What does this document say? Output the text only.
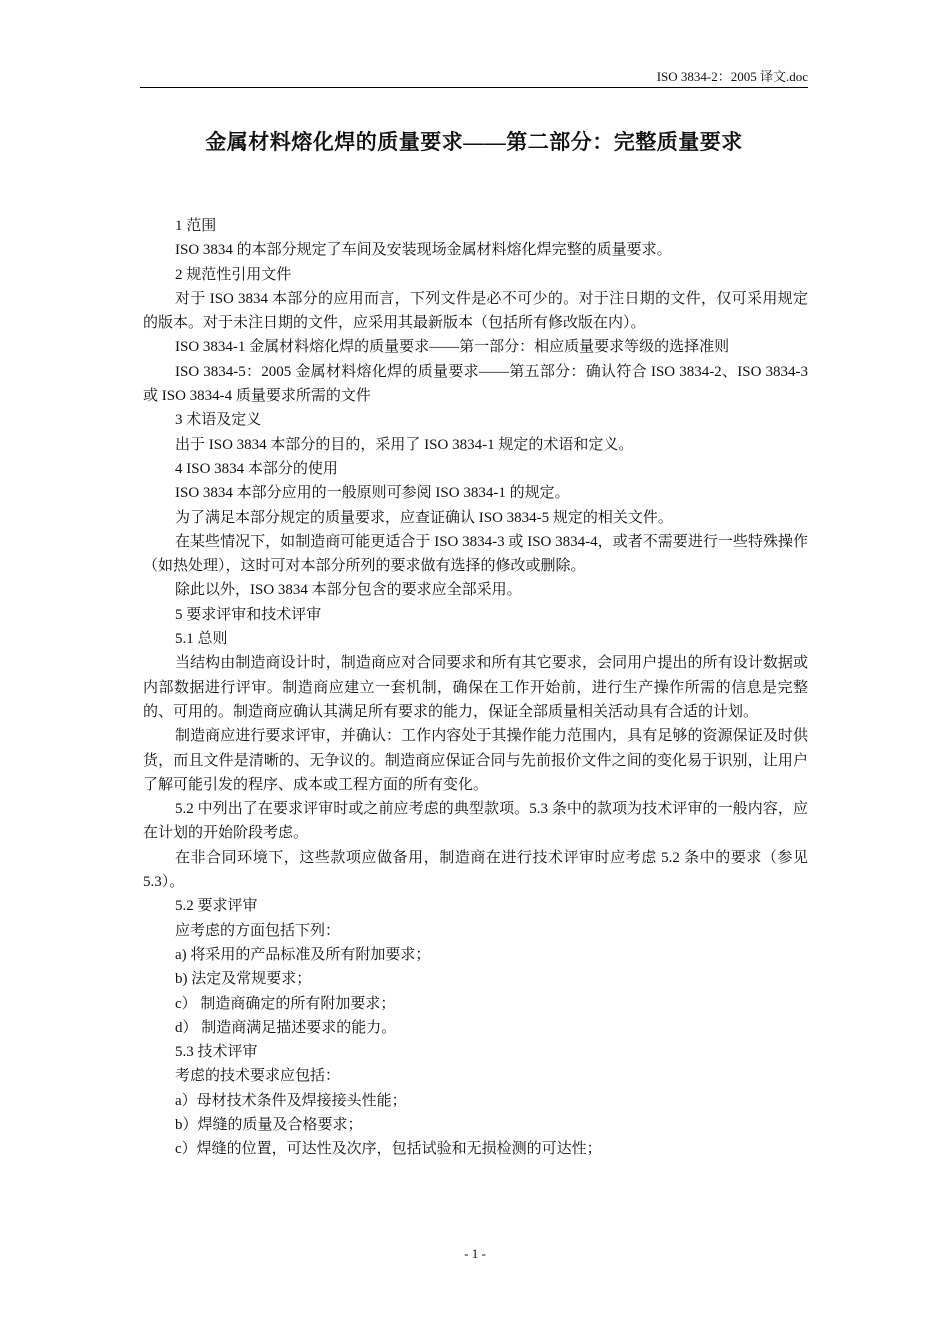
ISO 3834-2：2005 译文.doc
金属材料熔化焊的质量要求——第二部分：完整质量要求

1 范围

ISO 3834 的本部分规定了车间及安装现场金属材料熔化焊完整的质量要求。

2 规范性引用文件

对于 ISO 3834 本部分的应用而言，下列文件是必不可少的。对于注日期的文件，仅可采用规定的版本。对于未注日期的文件，应采用其最新版本（包括所有修改版在内）。

ISO 3834-1 金属材料熔化焊的质量要求——第一部分：相应质量要求等级的选择准则

ISO 3834-5：2005 金属材料熔化焊的质量要求——第五部分：确认符合 ISO 3834-2、ISO 3834-3 或 ISO 3834-4 质量要求所需的文件

3 术语及定义

出于 ISO 3834 本部分的目的，采用了 ISO 3834-1 规定的术语和定义。

4 ISO 3834 本部分的使用

ISO 3834 本部分应用的一般原则可参阅 ISO 3834-1 的规定。

为了满足本部分规定的质量要求，应查证确认 ISO 3834-5 规定的相关文件。

在某些情况下，如制造商可能更适合于 ISO 3834-3 或 ISO 3834-4，或者不需要进行一些特殊操作（如热处理），这时可对本部分所列的要求做有选择的修改或删除。

除此以外，ISO 3834 本部分包含的要求应全部采用。

5 要求评审和技术评审

5.1 总则

当结构由制造商设计时，制造商应对合同要求和所有其它要求，会同用户提出的所有设计数据或内部数据进行评审。制造商应建立一套机制，确保在工作开始前，进行生产操作所需的信息是完整的、可用的。制造商应确认其满足所有要求的能力，保证全部质量相关活动具有合适的计划。

制造商应进行要求评审，并确认：工作内容处于其操作能力范围内，具有足够的资源保证及时供货，而且文件是清晰的、无争议的。制造商应保证合同与先前报价文件之间的变化易于识别，让用户了解可能引发的程序、成本或工程方面的所有变化。

5.2 中列出了在要求评审时或之前应考虑的典型款项。5.3 条中的款项为技术评审的一般内容，应在计划的开始阶段考虑。

在非合同环境下，这些款项应做备用，制造商在进行技术评审时应考虑 5.2 条中的要求（参见 5.3）。

5.2 要求评审

应考虑的方面包括下列：

a) 将采用的产品标准及所有附加要求；

b) 法定及常规要求；

c） 制造商确定的所有附加要求；

d） 制造商满足描述要求的能力。

5.3 技术评审

考虑的技术要求应包括：

a）母材技术条件及焊接接头性能；

b）焊缝的质量及合格要求；

c）焊缝的位置，可达性及次序，包括试验和无损检测的可达性；

- 1 -
